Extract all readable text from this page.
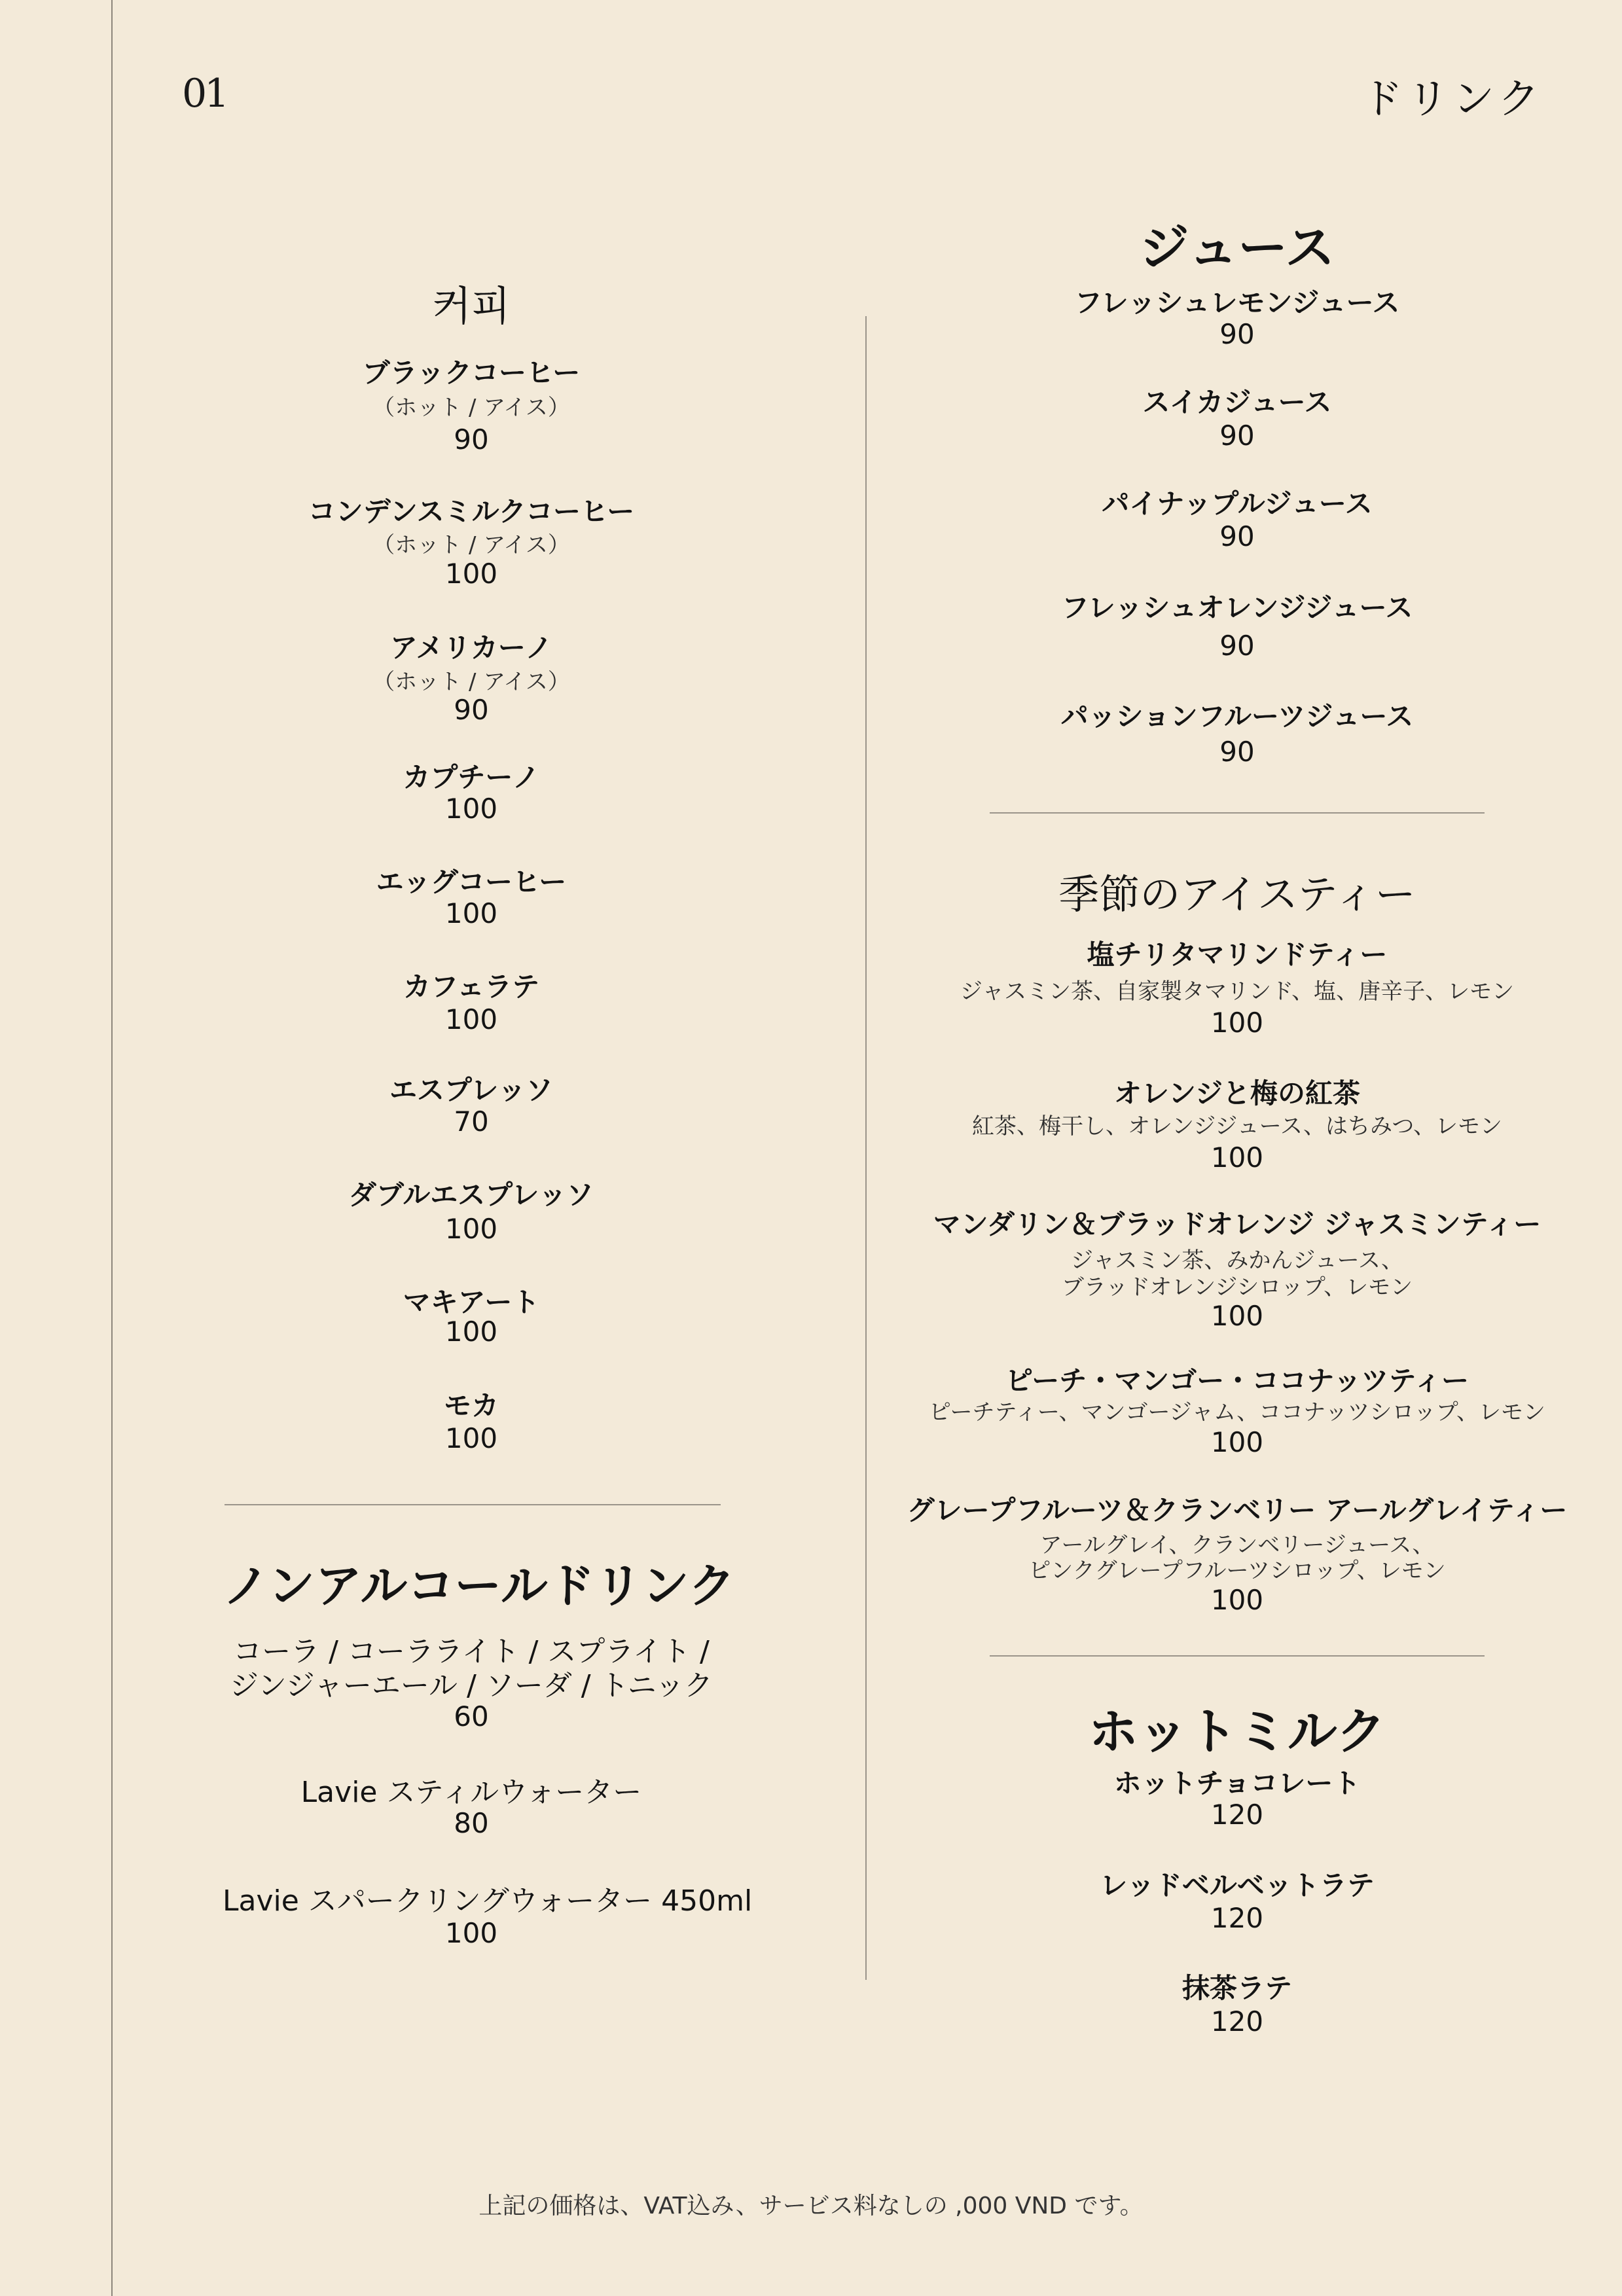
01	ドリンク
커피
ブラックコーヒー
（ホット / アイス）
90
コンデンスミルクコーヒー
（ホット / アイス）
100
アメリカーノ
（ホット / アイス）
90
カプチーノ
100
エッグコーヒー
100
カフェラテ
100
エスプレッソ
70
ダブルエスプレッソ
100
マキアート
100
モカ
100
ノンアルコールドリンク
コーラ / コーラライト / スプライト /
ジンジャーエール / ソーダ / トニック
60
Lavie スティルウォーター
80
Lavie スパークリングウォーター 450ml
100
ジュース
フレッシュレモンジュース
90
スイカジュース
90
パイナップルジュース
90
フレッシュオレンジジュース
90
パッションフルーツジュース
90
季節のアイスティー
塩チリタマリンドティー
ジャスミン茶、自家製タマリンド、塩、唐辛子、レモン
100
オレンジと梅の紅茶
紅茶、梅干し、オレンジジュース、はちみつ、レモン
100
マンダリン＆ブラッドオレンジ ジャスミンティー
ジャスミン茶、みかんジュース、
ブラッドオレンジシロップ、レモン
100
ピーチ・マンゴー・ココナッツティー
ピーチティー、マンゴージャム、ココナッツシロップ、レモン
100
グレープフルーツ＆クランベリー アールグレイティー
アールグレイ、クランベリージュース、
ピンクグレープフルーツシロップ、レモン
100
ホットミルク
ホットチョコレート
120
レッドベルベットラテ
120
抹茶ラテ
120
上記の価格は、VAT込み、サービス料なしの ,000 VND です。
